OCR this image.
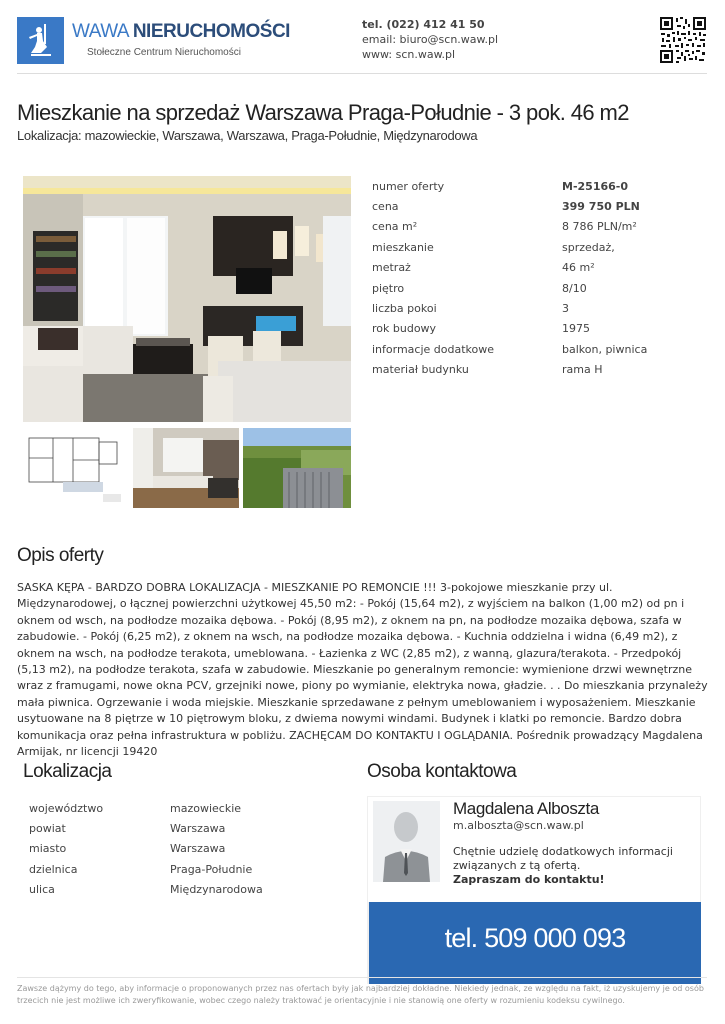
WAWA NIERUCHOMOŚCI
Stołeczne Centrum Nieruchomości
tel. (022) 412 41 50
email: biuro@scn.waw.pl
www: scn.waw.pl
Mieszkanie na sprzedaż Warszawa Praga-Południe - 3 pok. 46 m2
Lokalizacja: mazowieckie, Warszawa, Warszawa, Praga-Południe, Międzynarodowa
numer oferty	M-25166-0
cena	399 750 PLN
cena m²	8 786 PLN/m²
mieszkanie	sprzedaż,
metraż	46 m²
piętro	8/10
liczba pokoi	3
rok budowy	1975
informacje dodatkowe	balkon, piwnica
materiał budynku	rama H
Opis oferty
SASKA KĘPA - BARDZO DOBRA LOKALIZACJA - MIESZKANIE PO REMONCIE !!! 3-pokojowe mieszkanie przy ul. Międzynarodowej, o łącznej powierzchni użytkowej 45,50 m2: - Pokój (15,64 m2), z wyjściem na balkon (1,00 m2) od pn i oknem od wsch, na podłodze mozaika dębowa. - Pokój (8,95 m2), z oknem na pn, na podłodze mozaika dębowa, szafa w zabudowie. - Pokój (6,25 m2), z oknem na wsch, na podłodze mozaika dębowa. - Kuchnia oddzielna i widna (6,49 m2), z oknem na wsch, na podłodze terakota, umeblowana. - Łazienka z WC (2,85 m2), z wanną, glazura/terakota. - Przedpokój (5,13 m2), na podłodze terakota, szafa w zabudowie. Mieszkanie po generalnym remoncie: wymienione drzwi wewnętrzne wraz z framugami, nowe okna PCV, grzejniki nowe, piony po wymianie, elektryka nowa, gładzie. . . Do mieszkania przynależy mała piwnica. Ogrzewanie i woda miejskie. Mieszkanie sprzedawane z pełnym umeblowaniem i wyposażeniem. Mieszkanie usytuowane na 8 piętrze w 10 piętrowym bloku, z dwiema nowymi windami. Budynek i klatki po remoncie. Bardzo dobra komunikacja oraz pełna infrastruktura w pobliżu. ZACHĘCAM DO KONTAKTU I OGLĄDANIA. Pośrednik prowadzący Magdalena Armijak, nr licencji 19420
Lokalizacja
województwo	mazowieckie
powiat	Warszawa
miasto	Warszawa
dzielnica	Praga-Południe
ulica	Międzynarodowa
Osoba kontaktowa
Magdalena Alboszta
m.alboszta@scn.waw.pl
Chętnie udzielę dodatkowych informacji związanych z tą ofertą.
Zapraszam do kontaktu!
tel. 509 000 093
Zawsze dążymy do tego, aby informacje o proponowanych przez nas ofertach były jak najbardziej dokładne. Niekiedy jednak, ze względu na fakt, iż uzyskujemy je od osób trzecich nie jest możliwe ich zweryfikowanie, wobec czego należy traktować je orientacyjnie i nie stanowią one oferty w rozumieniu kodeksu cywilnego.
